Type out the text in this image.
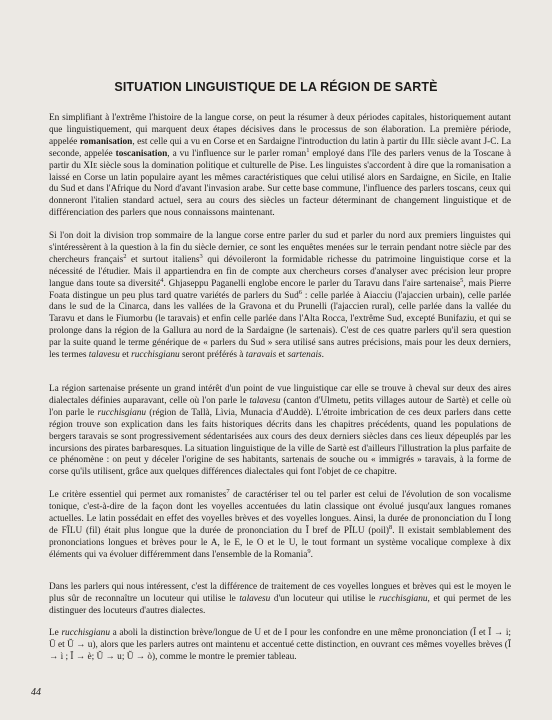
SITUATION LINGUISTIQUE DE LA RÉGION DE SARTÈ

En simplifiant à l'extrême l'histoire de la langue corse, on peut la résumer à deux périodes capitales, historiquement autant que linguistiquement, qui marquent deux étapes décisives dans le processus de son élaboration. La première période, appelée romanisation, est celle qui a vu en Corse et en Sardaigne l'introduction du latin à partir du IIIe siècle avant J-C. La seconde, appelée toscanisation, a vu l'influence sur le parler roman$^1$ employé dans l'île des parlers venus de la Toscane à partir du XIe siècle sous la domination politique et culturelle de Pise. Les linguistes s'accordent à dire que la romanisation a laissé en Corse un latin populaire ayant les mêmes caractéristiques que celui utilisé alors en Sardaigne, en Sicile, en Italie du Sud et dans l'Afrique du Nord d'avant l'invasion arabe. Sur cette base commune, l'influence des parlers toscans, ceux qui donneront l'italien standard actuel, sera au cours des siècles un facteur déterminant de changement linguistique et de différenciation des parlers que nous connaissons maintenant.

Si l'on doit la division trop sommaire de la langue corse entre parler du sud et parler du nord aux premiers linguistes qui s'intéressèrent à la question à la fin du siècle dernier, ce sont les enquêtes menées sur le terrain pendant notre siècle par des chercheurs français$^2$ et surtout italiens$^3$ qui dévoileront la formidable richesse du patrimoine linguistique corse et la nécessité de l'étudier. Mais il appartiendra en fin de compte aux chercheurs corses d'analyser avec précision leur propre langue dans toute sa diversité$^4$. Ghjaseppu Paganelli englobe encore le parler du Taravu dans l'aire sartenaise$^5$, mais Pierre Foata distingue un peu plus tard quatre variétés de parlers du Sud$^6$ : celle parlée à Aiacciu (l'ajaccien urbain), celle parlée dans le sud de la Cinarca, dans les vallées de la Gravona et du Prunelli (l'ajaccien rural), celle parlée dans la vallée du Taravu et dans le Fiumorbu (le taravais) et enfin celle parlée dans l'Alta Rocca, l'extrême Sud, excepté Bunifaziu, et qui se prolonge dans la région de la Gallura au nord de la Sardaigne (le sartenais). C'est de ces quatre parlers qu'il sera question par la suite quand le terme générique de « parlers du Sud » sera utilisé sans autres précisions, mais pour les deux derniers, les termes talavesu et rucchisgianu seront préférés à taravais et sartenais.

La région sartenaise présente un grand intérêt d'un point de vue linguistique car elle se trouve à cheval sur deux des aires dialectales définies auparavant, celle où l'on parle le talavesu (canton d'Ulmetu, petits villages autour de Sartè) et celle où l'on parle le rucchisgianu (région de Tallà, Lìvia, Munacia d'Auddè). L'étroite imbrication de ces deux parlers dans cette région trouve son explication dans les faits historiques décrits dans les chapitres précédents, quand les populations de bergers taravais se sont progressivement sédentarisées aux cours des deux derniers siècles dans ces lieux dépeuplés par les incursions des pirates barbaresques. La situation linguistique de la ville de Sartè est d'ailleurs l'illustration la plus parfaite de ce phénomène : on peut y déceler l'origine de ses habitants, sartenais de souche ou « immigrés » taravais, à la forme de corse qu'ils utilisent, grâce aux quelques différences dialectales qui font l'objet de ce chapitre.

Le critère essentiel qui permet aux romanistes$^7$ de caractériser tel ou tel parler est celui de l'évolution de son vocalisme tonique, c'est-à-dire de la façon dont les voyelles accentuées du latin classique ont évolué jusqu'aux langues romanes actuelles. Le latin possédait en effet des voyelles brèves et des voyelles longues. Ainsi, la durée de prononciation du Ī long de FĪLU (fil) était plus longue que la durée de prononciation du Ĭ bref de PĬLU (poil)$^8$. Il existait semblablement des prononciations longues et brèves pour le A, le E, le O et le U, le tout formant un système vocalique complexe à dix éléments qui va évoluer différemment dans l'ensemble de la Romania$^9$.

Dans les parlers qui nous intéressent, c'est la différence de traitement de ces voyelles longues et brèves qui est le moyen le plus sûr de reconnaître un locuteur qui utilise le talavesu d'un locuteur qui utilise le rucchisgianu, et qui permet de les distinguer des locuteurs d'autres dialectes.

Le rucchisgianu a aboli la distinction brève/longue de U et de I pour les confondre en une même prononciation (Ī et Ĭ → i; Ū et Ŭ → u), alors que les parlers autres ont maintenu et accentué cette distinction, en ouvrant ces mêmes voyelles brèves (Ĭ → ì ; Ĭ → è; Ŭ → u; Ŭ → ò), comme le montre le premier tableau.

44
